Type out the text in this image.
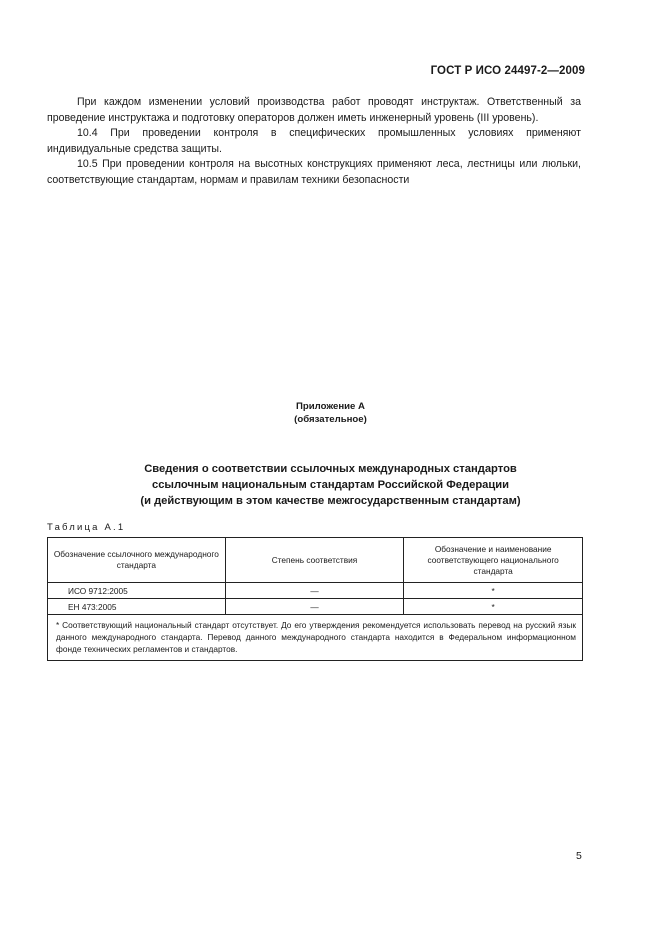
ГОСТ Р ИСО 24497-2—2009

При каждом изменении условий производства работ проводят инструктаж. Ответственный за проведение инструктажа и подготовку операторов должен иметь инженерный уровень (III уровень).

10.4 При проведении контроля в специфических промышленных условиях применяют индивидуальные средства защиты.

10.5 При проведении контроля на высотных конструкциях применяют леса, лестницы или люльки, соответствующие стандартам, нормам и правилам техники безопасности

Приложение А
(обязательное)
Сведения о соответствии ссылочных международных стандартов
ссылочным национальным стандартам Российской Федерации
(и действующим в этом качестве межгосударственным стандартам)
Таблица А.1
Обозначение ссылочного международного стандарта	Степень соответствия	Обозначение и наименование соответствующего национального стандарта
ИСО 9712:2005	—	*
ЕН 473:2005	—	*
* Соответствующий национальный стандарт отсутствует. До его утверждения рекомендуется использовать перевод на русский язык данного международного стандарта. Перевод данного международного стандарта находится в Федеральном информационном фонде технических регламентов и стандартов.		
5
